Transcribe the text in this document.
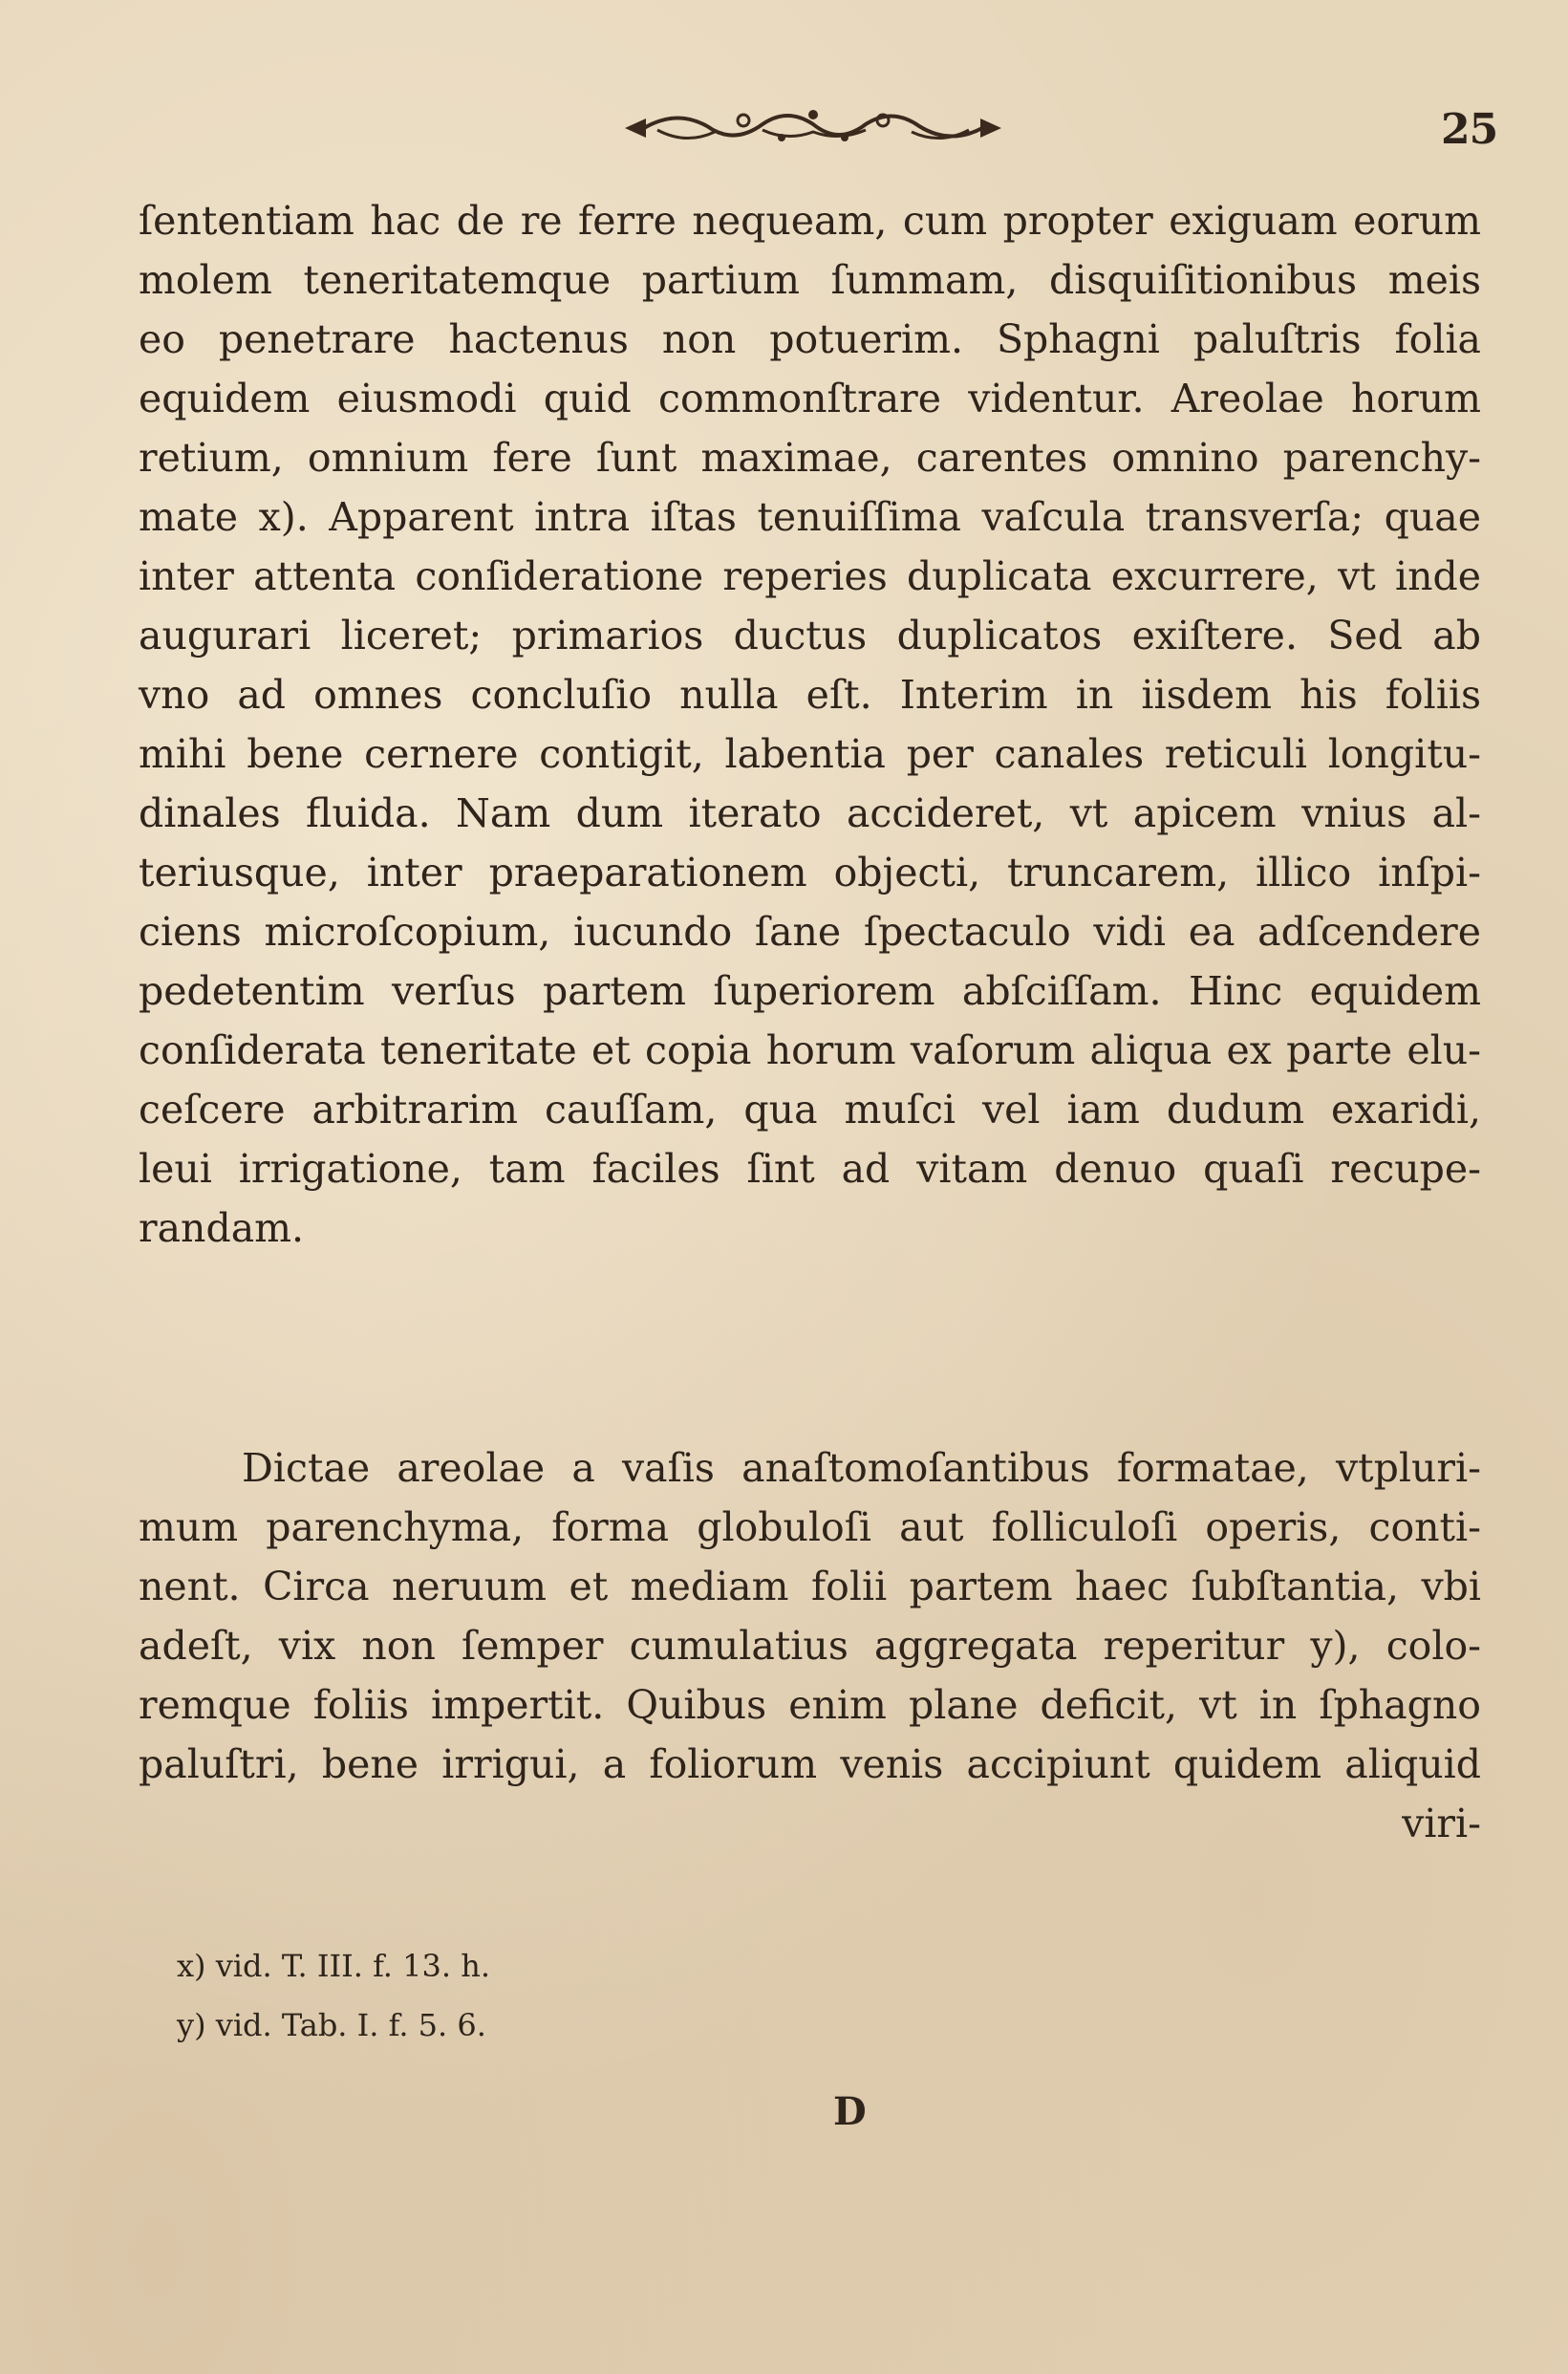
25
ſententiam hac de re ferre nequeam, cum propter exiguam eorum
molem teneritatemque partium ſummam, disquiſitionibus meis
eo penetrare hactenus non potuerim. Sphagni paluſtris folia
equidem eiusmodi quid commonſtrare videntur. Areolae horum
retium, omnium fere ſunt maximae, carentes omnino parenchy-
mate x). Apparent intra iſtas tenuiſſima vaſcula transverſa; quae
inter attenta conſideratione reperies duplicata excurrere, vt inde
augurari liceret; primarios ductus duplicatos exiſtere. Sed ab
vno ad omnes concluſio nulla eſt. Interim in iisdem his foliis
mihi bene cernere contigit, labentia per canales reticuli longitu-
dinales fluida. Nam dum iterato accideret, vt apicem vnius al-
teriusque, inter praeparationem objecti, truncarem, illico inſpi-
ciens microſcopium, iucundo ſane ſpectaculo vidi ea adſcendere
pedetentim verſus partem ſuperiorem abſciſſam. Hinc equidem
conſiderata teneritate et copia horum vaſorum aliqua ex parte elu-
ceſcere arbitrarim cauſſam, qua muſci vel iam dudum exaridi,
leui irrigatione, tam faciles ſint ad vitam denuo quaſi recupe-
randam.
Dictae areolae a vaſis anaſtomoſantibus formatae, vtpluri-
mum parenchyma, forma globuloſi aut folliculoſi operis, conti-
nent. Circa neruum et mediam folii partem haec ſubſtantia, vbi
adeſt, vix non ſemper cumulatius aggregata reperitur y), colo-
remque foliis impertit. Quibus enim plane deficit, vt in ſphagno
paluſtri, bene irrigui, a foliorum venis accipiunt quidem aliquid
viri-
x) vid. T. III. f. 13. h.
y) vid. Tab. I. f. 5. 6.
D
